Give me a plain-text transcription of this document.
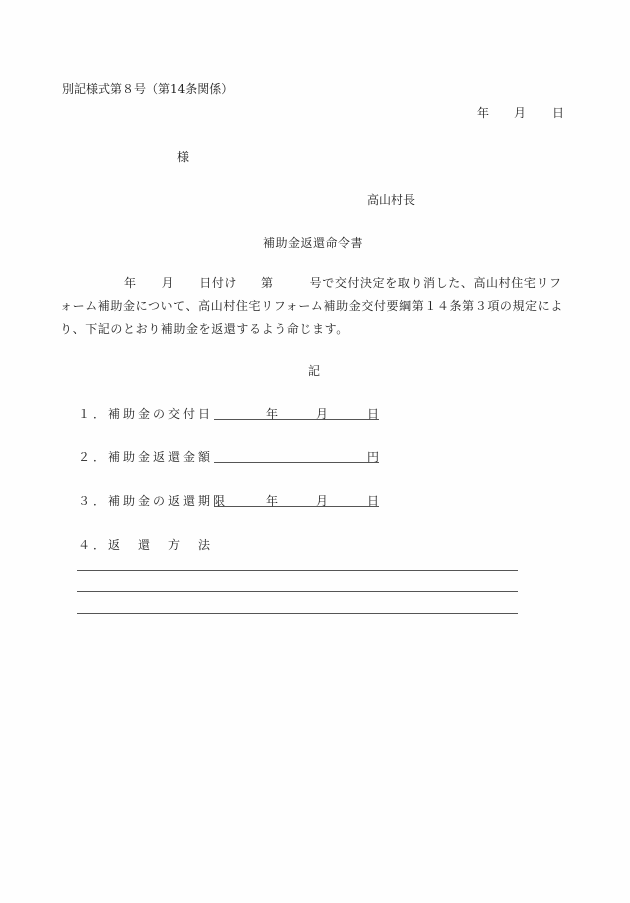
別記様式第８号（第14条関係）
年 月 日
様
高山村長
補助金返還命令書
年 月 日付け 第	号で交付決定を取り消した、高山村住宅リフ
ォーム補助金について、高山村住宅リフォーム補助金交付要綱第１４条第３項の規定によ
り、下記のとおり補助金を返還するよう命じます。
記
１．補助金の交付日	年	月	日
２．補助金返還金額	円
３．補助金の返還期限	年	月	日
４．返　還　方　法
